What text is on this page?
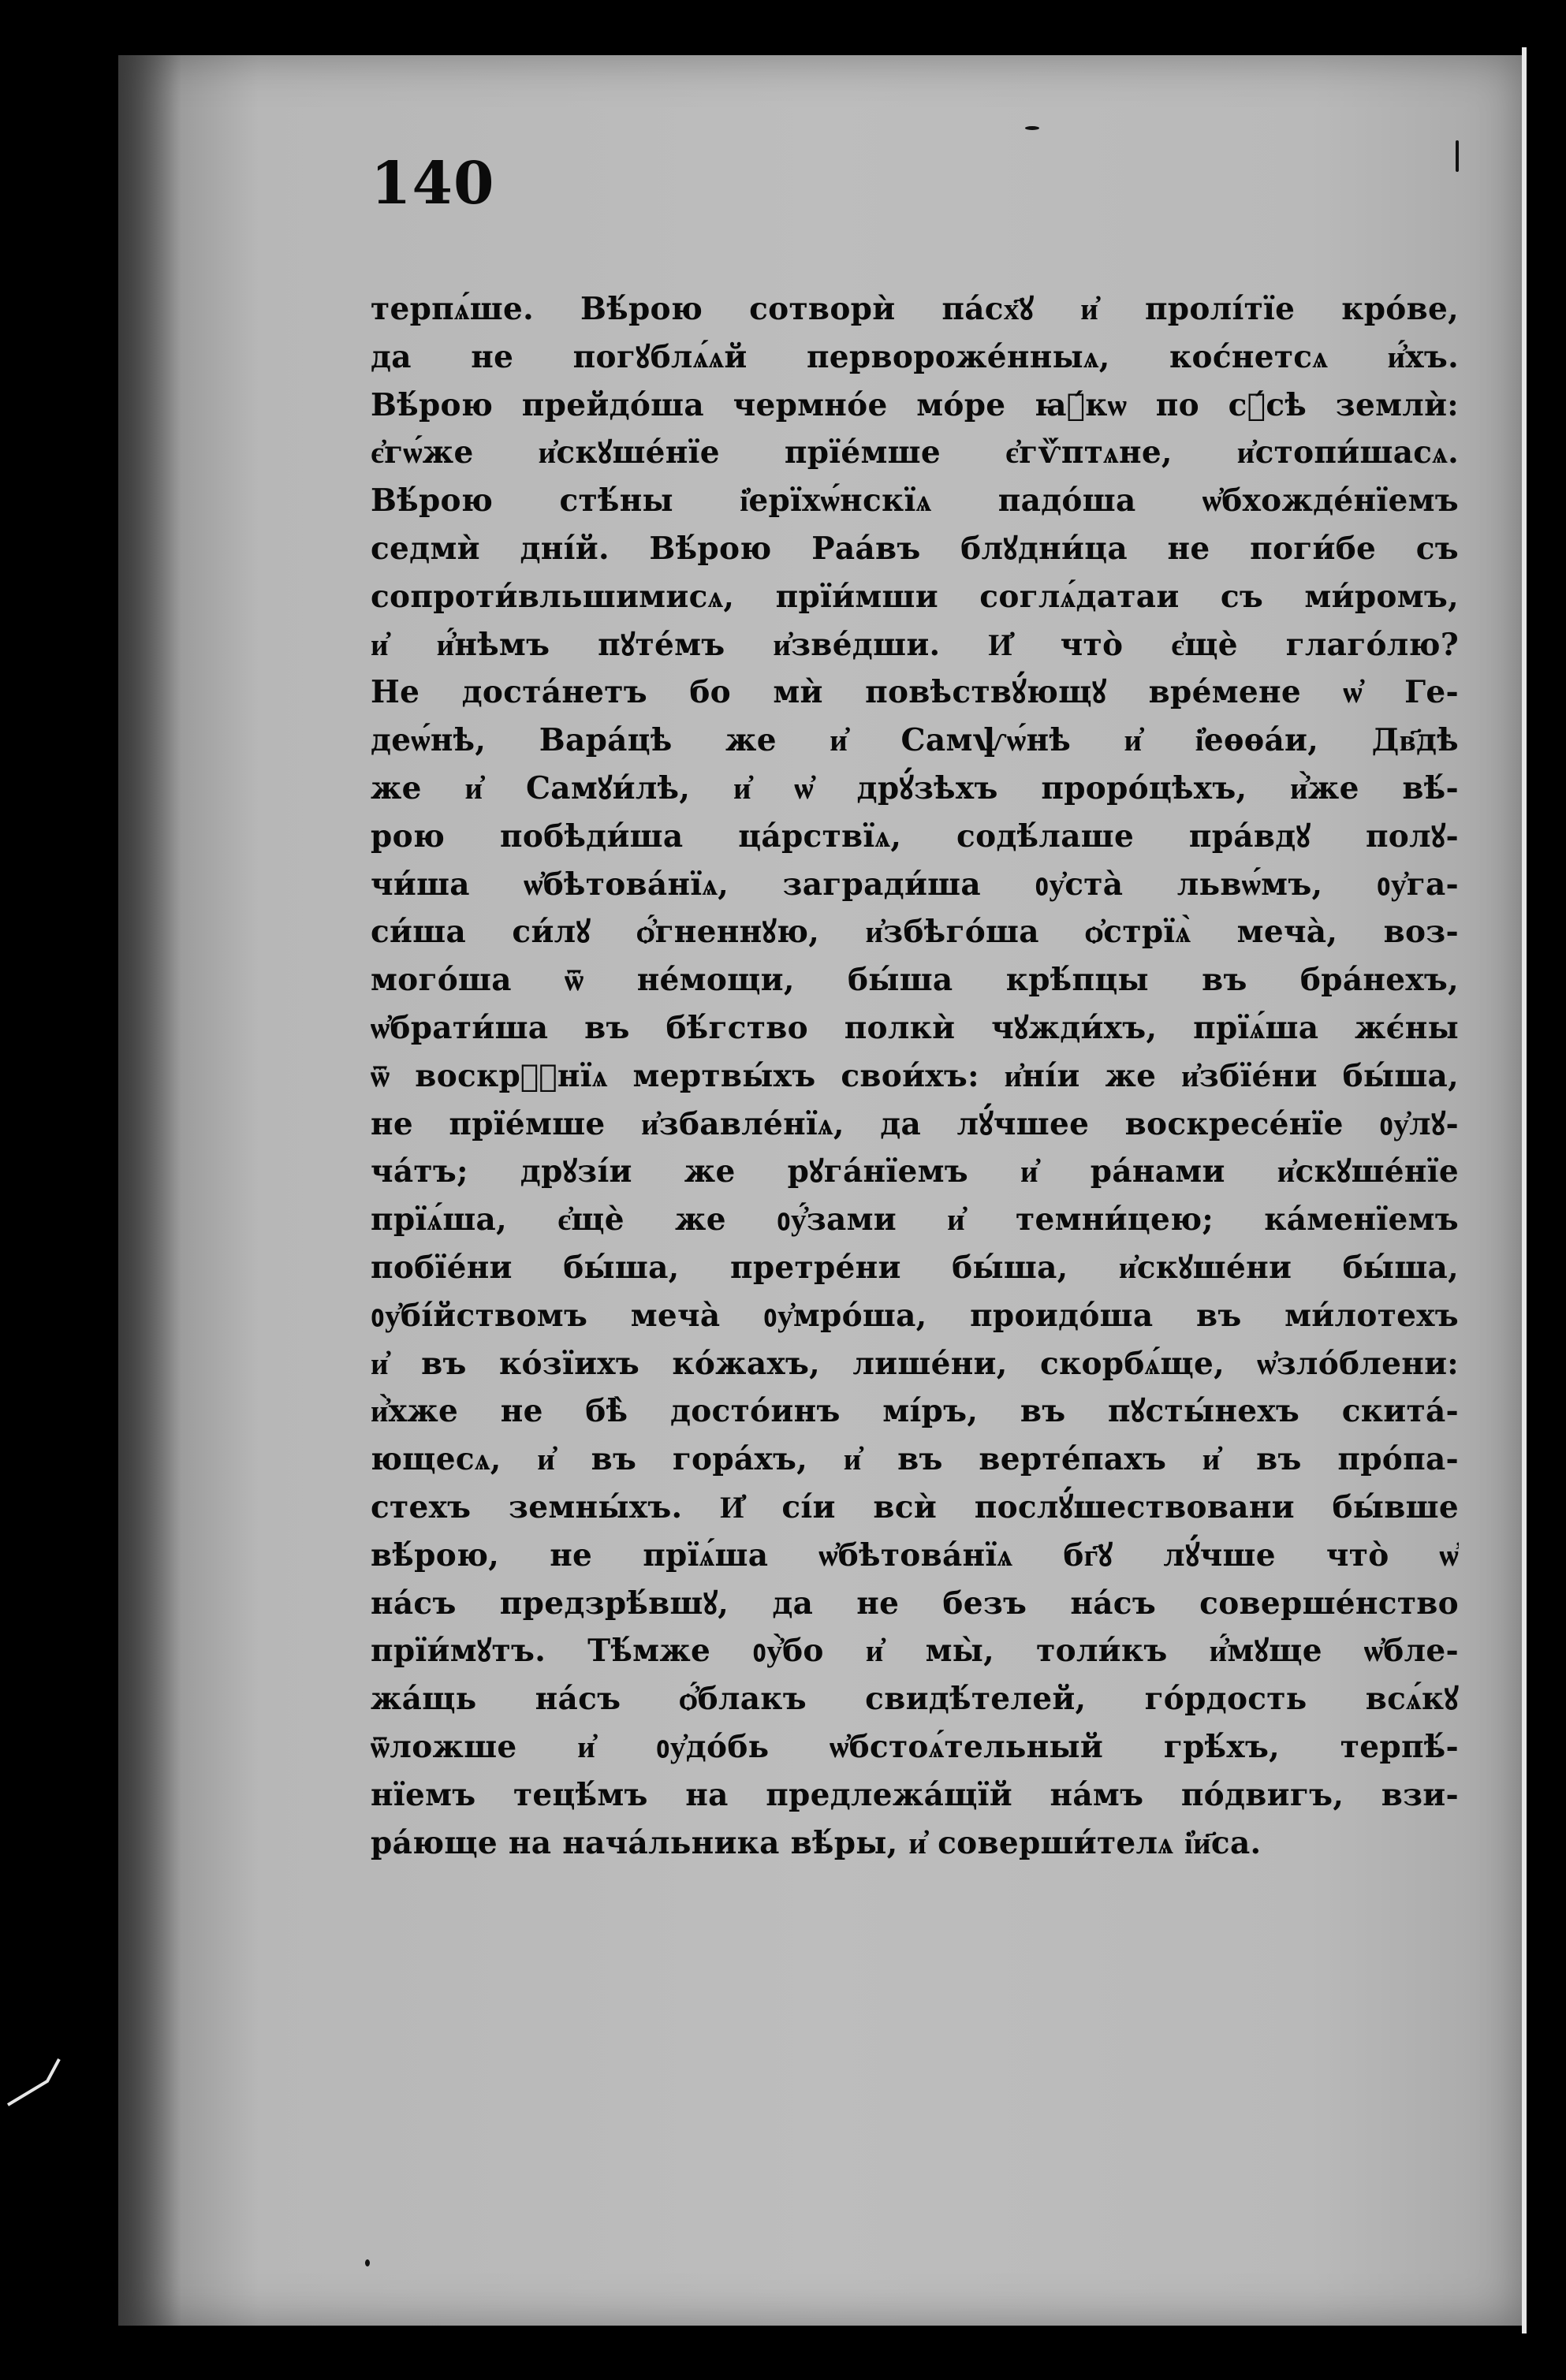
140
терпѧ́ше. Вѣ́рою сотворѝ па́сх҃ꙋ и҆ пролі́тїе кро́ве,
да не погꙋблѧ́ѧй первороже́нныѧ, кос́нетсѧ и҆́хъ.
Вѣ́рою прейдо́ша чермно́е мо́ре ꙗ҆́кѡ по сꙋ́сѣ землѝ:
є҆гѡ́же и҆скꙋше́нїе прїе́мше є҆гѷ́птѧне, и҆стопи́шасѧ.
Вѣ́рою стѣ́ны і҆ерїхѡ́нскїѧ падо́ша ѡ҆бхожде́нїемъ
седмѝ дні́й. Вѣ́рою Раа́въ блꙋдни́ца не поги́бе съ
сопроти́вльшимисѧ, прїи́мши соглѧ́датаи съ ми́ромъ,
и҆ и҆́нѣмъ пꙋте́мъ и҆зве́дши. И҆ что̀ є҆щѐ глаго́лю?
Не доста́нетъ бо мѝ повѣствꙋ́ющꙋ вре́мене ѡ҆ Ге-
деѡ́нѣ, Вара́цѣ же и҆ Самѱѡ́нѣ и҆ і҆еѳѳа́и, Дв҃дѣ
же и҆ Самꙋи́лѣ, и҆ ѡ҆ дрꙋ́зѣхъ проро́цѣхъ, и҆̀же вѣ́-
рою побѣди́ша ца́рствїѧ, содѣ́лаше пра́вдꙋ полꙋ-
чи́ша ѡ҆бѣтова́нїѧ, загради́ша ᲂу҆ста̀ львѡ́мъ, ᲂу҆га-
си́ша си́лꙋ ѻ҆́гненнꙋю, и҆збѣго́ша ѻ҆стрїѧ̀ меча̀, воз-
мого́ша ѿ не́мощи, бы́ша крѣ́пцы въ бра́нехъ,
ѡ҆брати́ша въ бѣ́гство полкѝ чꙋжди́хъ, прїѧ́ша жє́ны
ѿ воскрⷭ҇нїѧ мертвы́хъ свои́хъ: и҆ні́и же и҆збїе́ни бы́ша,
не прїе́мше и҆збавле́нїѧ, да лꙋ́чшее воскресе́нїе ᲂу҆лꙋ-
ча́тъ; дрꙋзі́и же рꙋга́нїемъ и҆ ра́нами и҆скꙋше́нїе
прїѧ́ша, є҆щѐ же ᲂу҆́зами и҆ темни́цею; ка́менїемъ
побїе́ни бы́ша, претре́ни бы́ша, и҆скꙋше́ни бы́ша,
ᲂу҆бі́йствомъ меча̀ ᲂу҆мро́ша, проидо́ша въ ми́лотехъ
и҆ въ ко́зїихъ ко́жахъ, лише́ни, скорбѧ́ще, ѡ҆зло́блени:
и҆̀хже не бѣ̀ досто́инъ мі́ръ, въ пꙋсты́нехъ скита́-
ющесѧ, и҆ въ гора́хъ, и҆ въ верте́пахъ и҆ въ про́па-
стехъ земны́хъ. И҆ сі́и всѝ послꙋ́шествовани бы́вше
вѣ́рою, не прїѧ́ша ѡ҆бѣтова́нїѧ бг҃ꙋ лꙋ́чше что̀ ѡ҆
на́съ предзрѣ́вшꙋ, да не безъ на́съ соверше́нство
прїи́мꙋтъ. Тѣ́мже ᲂу҆̀бо и҆ мы̀, толи́къ и҆́мꙋще ѡ҆бле-
жа́щь на́съ ѻ҆́блакъ свидѣ́телей, го́рдость всѧ́кꙋ
ѿложше и҆ ᲂу҆до́бь ѡ҆бстоѧ́тельный грѣ́хъ, терпѣ́-
нїемъ тецѣ́мъ на предлежа́щїй на́мъ по́двигъ, взи-
ра́юще на нача́льника вѣ́ры, и҆ соверши́телѧ і҆и҃са.
